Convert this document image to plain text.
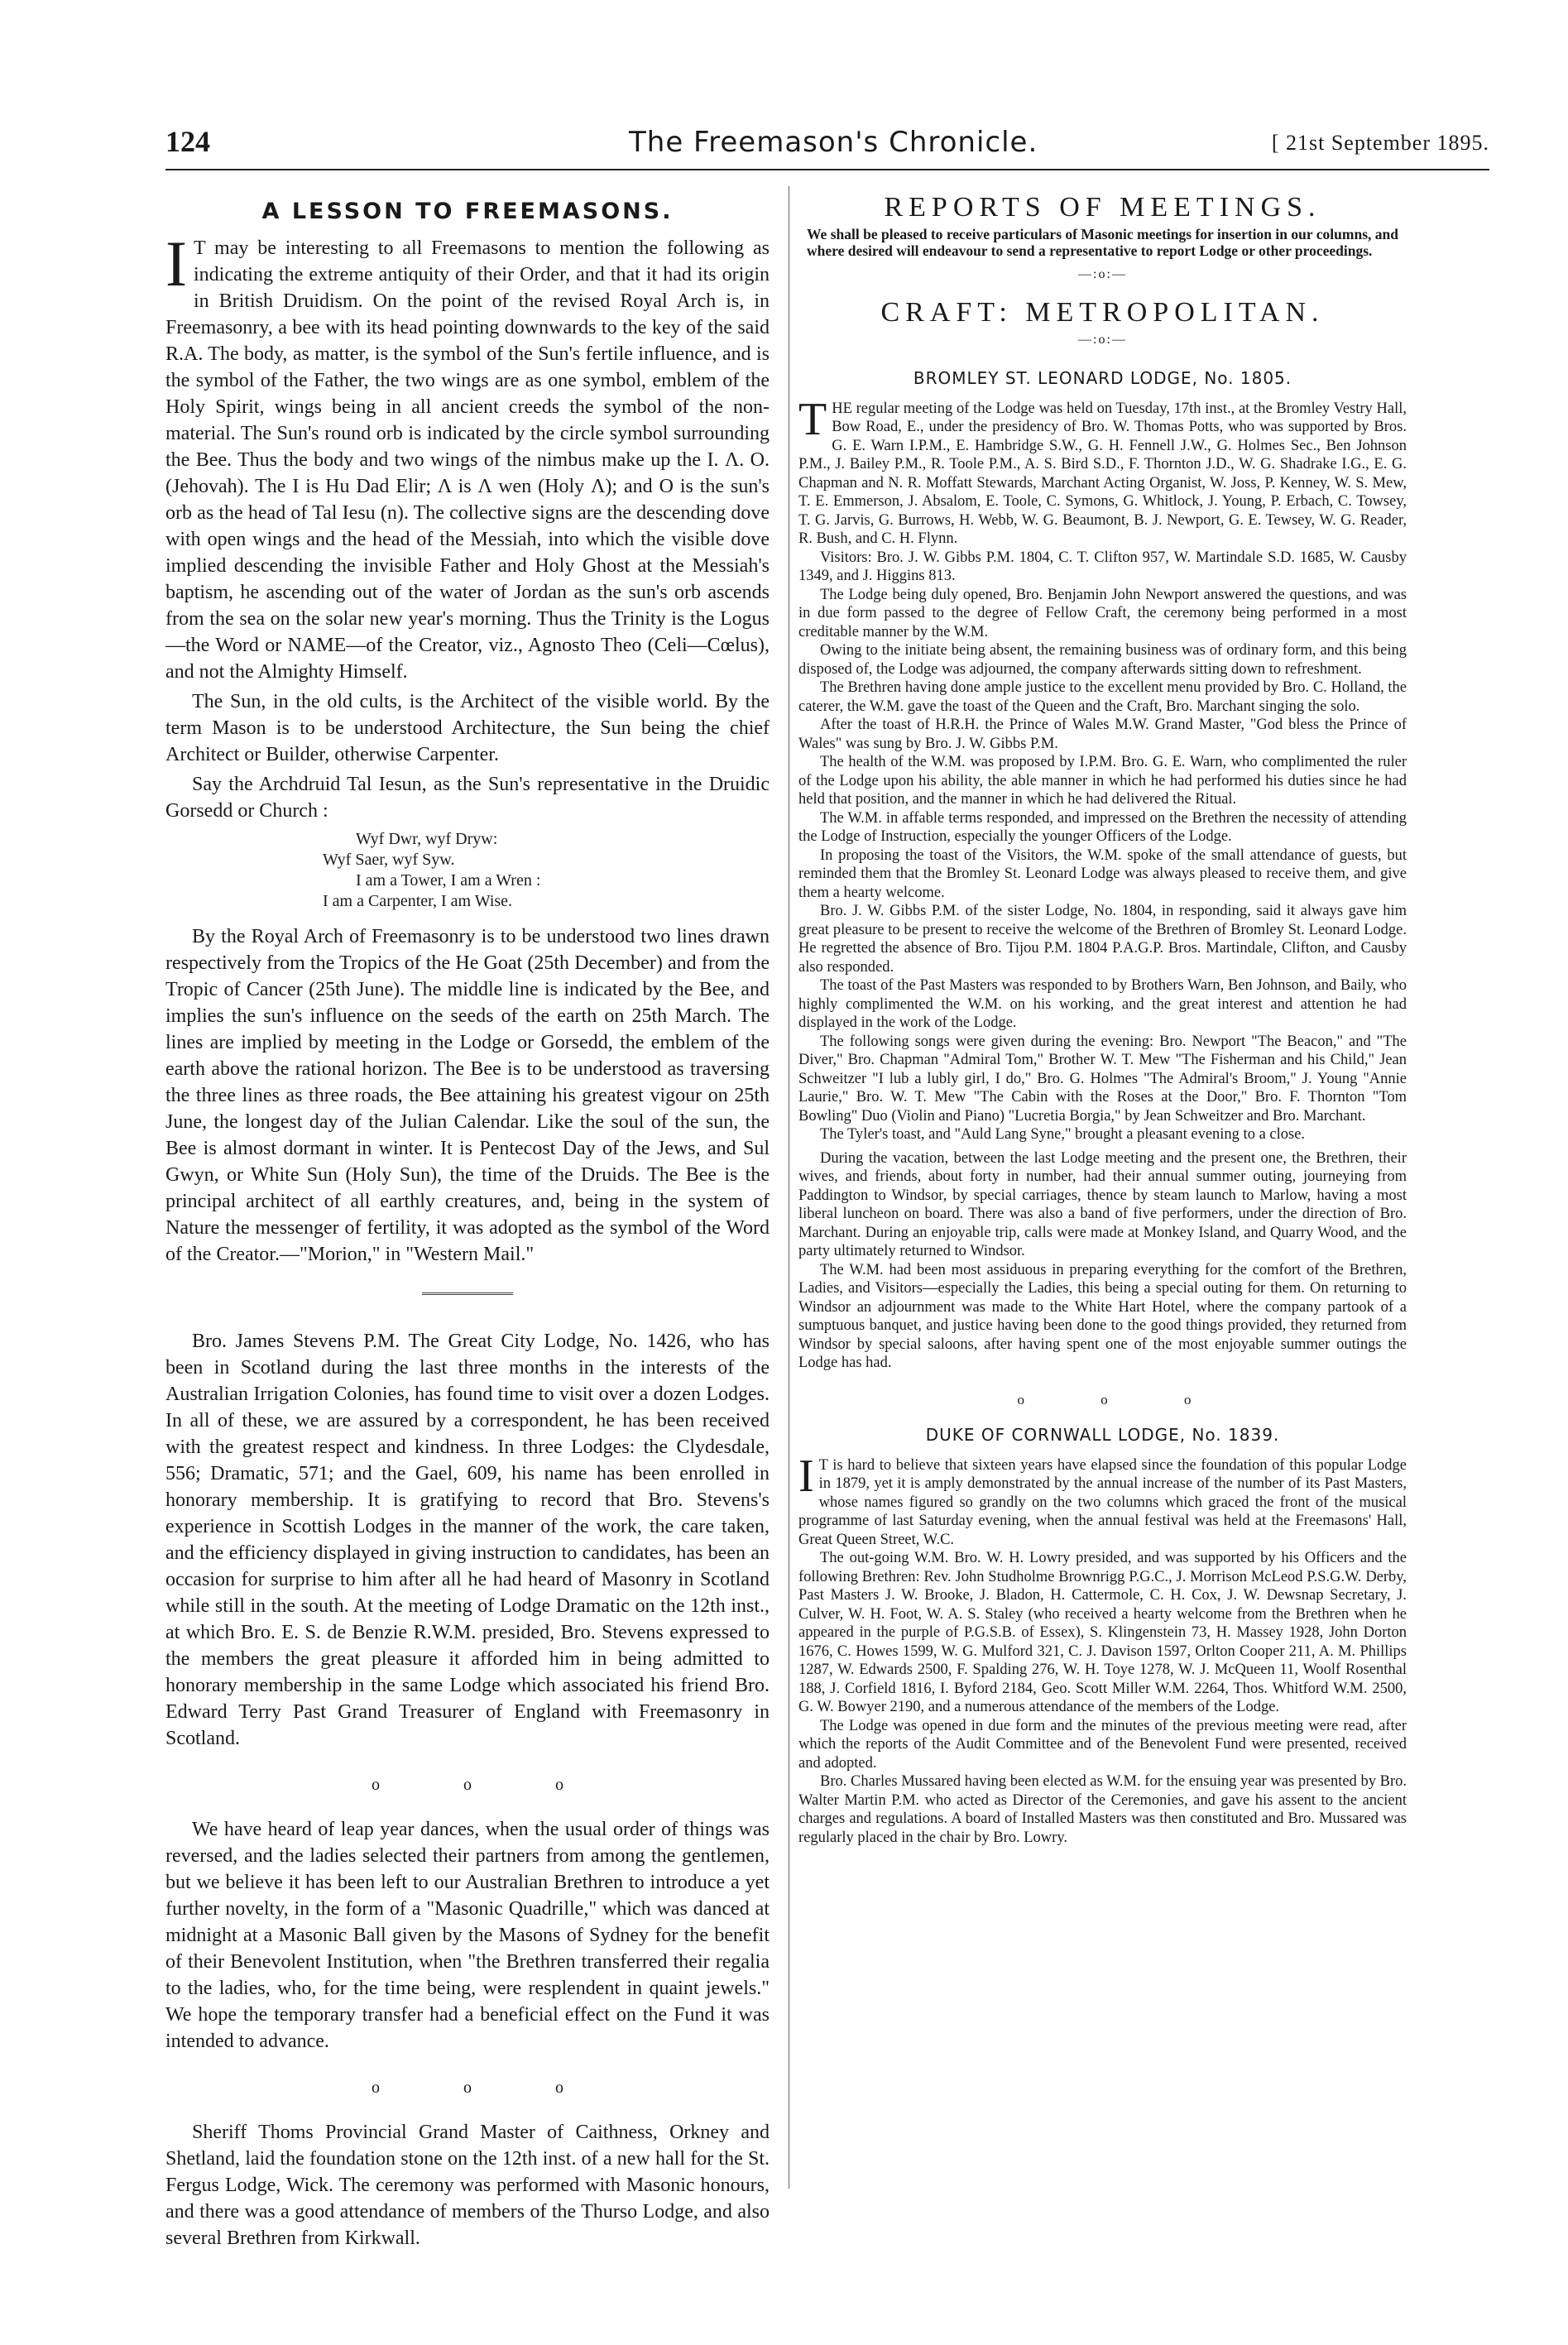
124	The Freemason's Chronicle.	[ 21st September 1895.
A LESSON TO FREEMASONS.

I T may be interesting to all Freemasons to mention the following as indicating the extreme antiquity of their Order, and that it had its origin in British Druidism. On the point of the revised Royal Arch is, in Freemasonry, a bee with its head pointing downwards to the key of the said R.A. The body, as matter, is the symbol of the Sun's fertile influence, and is the symbol of the Father, the two wings are as one symbol, emblem of the Holy Spirit, wings being in all ancient creeds the symbol of the non-material. The Sun's round orb is indicated by the circle symbol surrounding the Bee. Thus the body and two wings of the nimbus make up the I. Λ. O. (Jehovah). The I is Hu Dad Elir; Λ is Λ wen (Holy Λ); and O is the sun's orb as the head of Tal Iesu (n). The collective signs are the descending dove with open wings and the head of the Messiah, into which the visible dove implied descending the invisible Father and Holy Ghost at the Messiah's baptism, he ascending out of the water of Jordan as the sun's orb ascends from the sea on the solar new year's morning. Thus the Trinity is the Logus—the Word or NAME—of the Creator, viz., Agnosto Theo (Celi—Cœlus), and not the Almighty Himself.

The Sun, in the old cults, is the Architect of the visible world. By the term Mason is to be understood Architecture, the Sun being the chief Architect or Builder, otherwise Carpenter.

Say the Archdruid Tal Iesun, as the Sun's representative in the Druidic Gorsedd or Church :

Wyf Dwr, wyf Dryw:
Wyf Saer, wyf Syw.
I am a Tower, I am a Wren :
I am a Carpenter, I am Wise.

By the Royal Arch of Freemasonry is to be understood two lines drawn respectively from the Tropics of the He Goat (25th December) and from the Tropic of Cancer (25th June). The middle line is indicated by the Bee, and implies the sun's influence on the seeds of the earth on 25th March. The lines are implied by meeting in the Lodge or Gorsedd, the emblem of the earth above the rational horizon. The Bee is to be understood as traversing the three lines as three roads, the Bee attaining his greatest vigour on 25th June, the longest day of the Julian Calendar. Like the soul of the sun, the Bee is almost dormant in winter. It is Pentecost Day of the Jews, and Sul Gwyn, or White Sun (Holy Sun), the time of the Druids. The Bee is the principal architect of all earthly creatures, and, being in the system of Nature the messenger of fertility, it was adopted as the symbol of the Word of the Creator.—"Morion," in "Western Mail."

Bro. James Stevens P.M. The Great City Lodge, No. 1426, who has been in Scotland during the last three months in the interests of the Australian Irrigation Colonies, has found time to visit over a dozen Lodges. In all of these, we are assured by a correspondent, he has been received with the greatest respect and kindness. In three Lodges: the Clydesdale, 556; Dramatic, 571; and the Gael, 609, his name has been enrolled in honorary membership. It is gratifying to record that Bro. Stevens's experience in Scottish Lodges in the manner of the work, the care taken, and the efficiency displayed in giving instruction to candidates, has been an occasion for surprise to him after all he had heard of Masonry in Scotland while still in the south. At the meeting of Lodge Dramatic on the 12th inst., at which Bro. E. S. de Benzie R.W.M. presided, Bro. Stevens expressed to the members the great pleasure it afforded him in being admitted to honorary membership in the same Lodge which associated his friend Bro. Edward Terry Past Grand Treasurer of England with Freemasonry in Scotland.

o o o

We have heard of leap year dances, when the usual order of things was reversed, and the ladies selected their partners from among the gentlemen, but we believe it has been left to our Australian Brethren to introduce a yet further novelty, in the form of a "Masonic Quadrille," which was danced at midnight at a Masonic Ball given by the Masons of Sydney for the benefit of their Benevolent Institution, when "the Brethren transferred their regalia to the ladies, who, for the time being, were resplendent in quaint jewels." We hope the temporary transfer had a beneficial effect on the Fund it was intended to advance.

o o o

Sheriff Thoms Provincial Grand Master of Caithness, Orkney and Shetland, laid the foundation stone on the 12th inst. of a new hall for the St. Fergus Lodge, Wick. The ceremony was performed with Masonic honours, and there was a good attendance of members of the Thurso Lodge, and also several Brethren from Kirkwall.

REPORTS OF MEETINGS.
We shall be pleased to receive particulars of Masonic meetings for insertion in our columns, and where desired will endeavour to send a representative to report Lodge or other proceedings.
—:o:—
CRAFT: METROPOLITAN.
—:o:—
BROMLEY ST. LEONARD LODGE, No. 1805.

THE regular meeting of the Lodge was held on Tuesday, 17th inst., at the Bromley Vestry Hall, Bow Road, E., under the presidency of Bro. W. Thomas Potts, who was supported by Bros. G. E. Warn I.P.M., E. Hambridge S.W., G. H. Fennell J.W., G. Holmes Sec., Ben Johnson P.M., J. Bailey P.M., R. Toole P.M., A. S. Bird S.D., F. Thornton J.D., W. G. Shadrake I.G., E. G. Chapman and N. R. Moffatt Stewards, Marchant Acting Organist, W. Joss, P. Kenney, W. S. Mew, T. E. Emmerson, J. Absalom, E. Toole, C. Symons, G. Whitlock, J. Young, P. Erbach, C. Towsey, T. G. Jarvis, G. Burrows, H. Webb, W. G. Beaumont, B. J. Newport, G. E. Tewsey, W. G. Reader, R. Bush, and C. H. Flynn.

Visitors: Bro. J. W. Gibbs P.M. 1804, C. T. Clifton 957, W. Martindale S.D. 1685, W. Causby 1349, and J. Higgins 813.

The Lodge being duly opened, Bro. Benjamin John Newport answered the questions, and was in due form passed to the degree of Fellow Craft, the ceremony being performed in a most creditable manner by the W.M.

Owing to the initiate being absent, the remaining business was of ordinary form, and this being disposed of, the Lodge was adjourned, the company afterwards sitting down to refreshment.

The Brethren having done ample justice to the excellent menu provided by Bro. C. Holland, the caterer, the W.M. gave the toast of the Queen and the Craft, Bro. Marchant singing the solo.

After the toast of H.R.H. the Prince of Wales M.W. Grand Master, "God bless the Prince of Wales" was sung by Bro. J. W. Gibbs P.M.

The health of the W.M. was proposed by I.P.M. Bro. G. E. Warn, who complimented the ruler of the Lodge upon his ability, the able manner in which he had performed his duties since he had held that position, and the manner in which he had delivered the Ritual.

The W.M. in affable terms responded, and impressed on the Brethren the necessity of attending the Lodge of Instruction, especially the younger Officers of the Lodge.

In proposing the toast of the Visitors, the W.M. spoke of the small attendance of guests, but reminded them that the Bromley St. Leonard Lodge was always pleased to receive them, and give them a hearty welcome.

Bro. J. W. Gibbs P.M. of the sister Lodge, No. 1804, in responding, said it always gave him great pleasure to be present to receive the welcome of the Brethren of Bromley St. Leonard Lodge. He regretted the absence of Bro. Tijou P.M. 1804 P.A.G.P. Bros. Martindale, Clifton, and Causby also responded.

The toast of the Past Masters was responded to by Brothers Warn, Ben Johnson, and Baily, who highly complimented the W.M. on his working, and the great interest and attention he had displayed in the work of the Lodge.

The following songs were given during the evening: Bro. Newport "The Beacon," and "The Diver," Bro. Chapman "Admiral Tom," Brother W. T. Mew "The Fisherman and his Child," Jean Schweitzer "I lub a lubly girl, I do," Bro. G. Holmes "The Admiral's Broom," J. Young "Annie Laurie," Bro. W. T. Mew "The Cabin with the Roses at the Door," Bro. F. Thornton "Tom Bowling" Duo (Violin and Piano) "Lucretia Borgia," by Jean Schweitzer and Bro. Marchant.

The Tyler's toast, and "Auld Lang Syne," brought a pleasant evening to a close.

During the vacation, between the last Lodge meeting and the present one, the Brethren, their wives, and friends, about forty in number, had their annual summer outing, journeying from Paddington to Windsor, by special carriages, thence by steam launch to Marlow, having a most liberal luncheon on board. There was also a band of five performers, under the direction of Bro. Marchant. During an enjoyable trip, calls were made at Monkey Island, and Quarry Wood, and the party ultimately returned to Windsor.

The W.M. had been most assiduous in preparing everything for the comfort of the Brethren, Ladies, and Visitors—especially the Ladies, this being a special outing for them. On returning to Windsor an adjournment was made to the White Hart Hotel, where the company partook of a sumptuous banquet, and justice having been done to the good things provided, they returned from Windsor by special saloons, after having spent one of the most enjoyable summer outings the Lodge has had.

o o o
DUKE OF CORNWALL LODGE, No. 1839.

I T is hard to believe that sixteen years have elapsed since the foundation of this popular Lodge in 1879, yet it is amply demonstrated by the annual increase of the number of its Past Masters, whose names figured so grandly on the two columns which graced the front of the musical programme of last Saturday evening, when the annual festival was held at the Freemasons' Hall, Great Queen Street, W.C.

The out-going W.M. Bro. W. H. Lowry presided, and was supported by his Officers and the following Brethren: Rev. John Studholme Brownrigg P.G.C., J. Morrison McLeod P.S.G.W. Derby, Past Masters J. W. Brooke, J. Bladon, H. Cattermole, C. H. Cox, J. W. Dewsnap Secretary, J. Culver, W. H. Foot, W. A. S. Staley (who received a hearty welcome from the Brethren when he appeared in the purple of P.G.S.B. of Essex), S. Klingenstein 73, H. Massey 1928, John Dorton 1676, C. Howes 1599, W. G. Mulford 321, C. J. Davison 1597, Orlton Cooper 211, A. M. Phillips 1287, W. Edwards 2500, F. Spalding 276, W. H. Toye 1278, W. J. McQueen 11, Woolf Rosenthal 188, J. Corfield 1816, I. Byford 2184, Geo. Scott Miller W.M. 2264, Thos. Whitford W.M. 2500, G. W. Bowyer 2190, and a numerous attendance of the members of the Lodge.

The Lodge was opened in due form and the minutes of the previous meeting were read, after which the reports of the Audit Committee and of the Benevolent Fund were presented, received and adopted.

Bro. Charles Mussared having been elected as W.M. for the ensuing year was presented by Bro. Walter Martin P.M. who acted as Director of the Ceremonies, and gave his assent to the ancient charges and regulations. A board of Installed Masters was then constituted and Bro. Mussared was regularly placed in the chair by Bro. Lowry.
